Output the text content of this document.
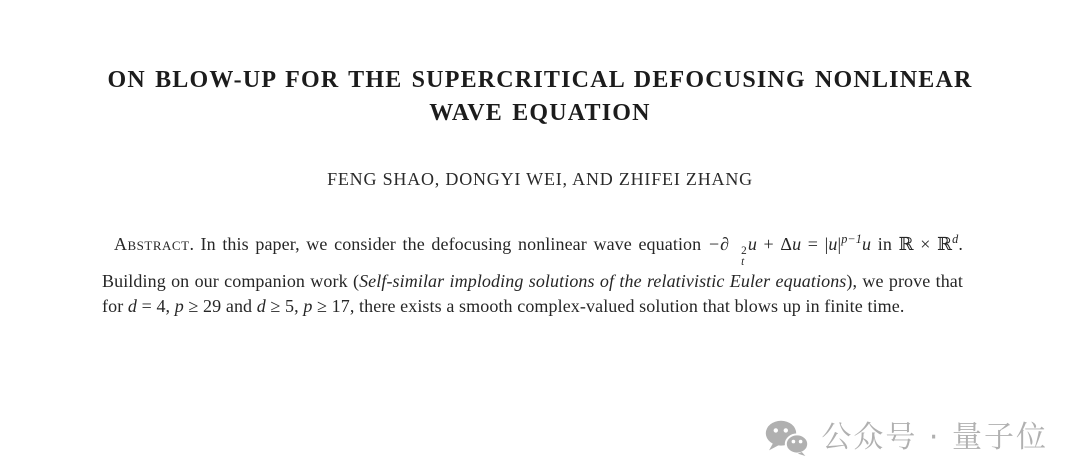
ON BLOW-UP FOR THE SUPERCRITICAL DEFOCUSING NONLINEAR
WAVE EQUATION
FENG SHAO, DONGYI WEI, AND ZHIFEI ZHANG
Abstract. In this paper, we consider the defocusing nonlinear wave equation −∂	2
t
$u + \Delta u = |u|^{p-1}u$ in ℝ × ℝ$^d$. Building on our companion work (Self-similar imploding solutions of the relativistic Euler equations), we prove that for d = 4, p ≥ 29 and d ≥ 5, p ≥ 17, there exists a smooth complex-valued solution that blows up in finite time.
公众号 · 量子位
